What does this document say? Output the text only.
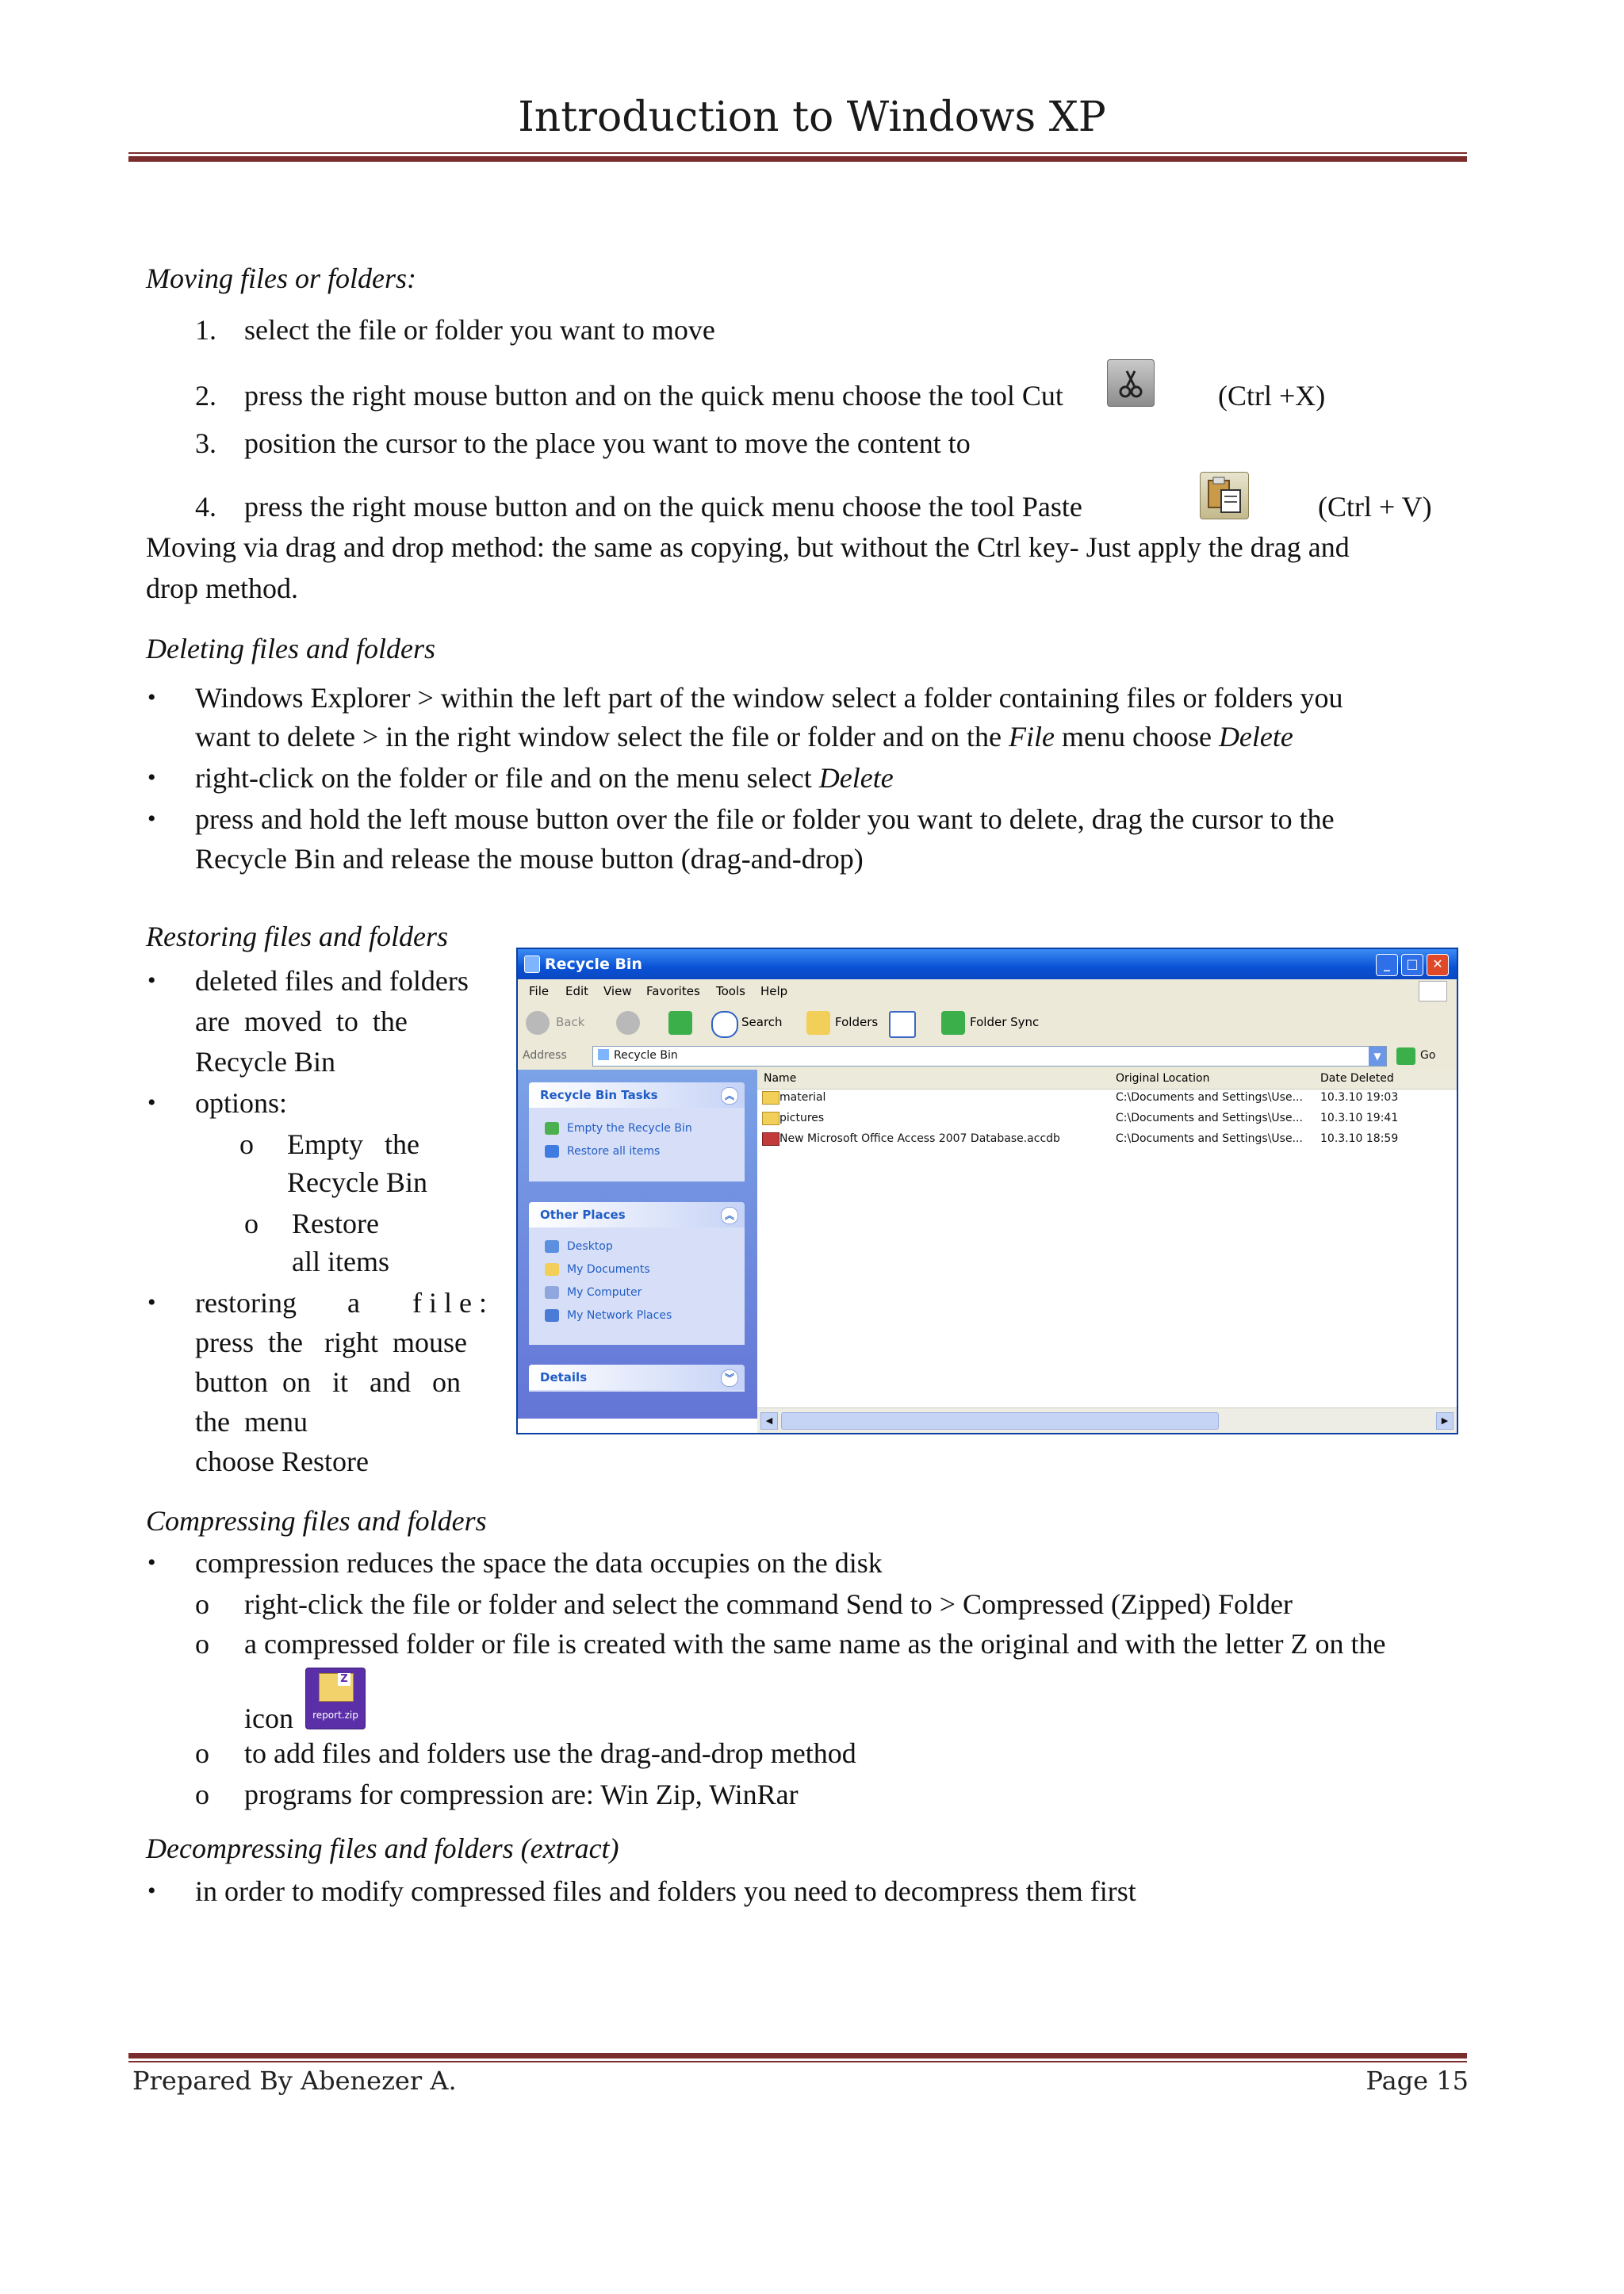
Introduction to Windows XP
Moving files or folders:
1. select the file or folder you want to move
2. press the right mouse button and on the quick menu choose the tool Cut	(Ctrl +X)
3. position the cursor to the place you want to move the content to
4. press the right mouse button and on the quick menu choose the tool Paste	(Ctrl + V)
Moving via drag and drop method: the same as copying, but without the Ctrl key- Just apply the drag and
drop method.
Deleting files and folders
• Windows Explorer > within the left part of the window select a folder containing files or folders you
want to delete > in the right window select the file or folder and on the File menu choose Delete
• right-click on the folder or file and on the menu select Delete
• press and hold the left mouse button over the file or folder you want to delete, drag the cursor to the
Recycle Bin and release the mouse button (drag-and-drop)
Restoring files and folders
• deleted files and folders
are  moved  to  the
Recycle Bin
• options:
o Empty   the
Recycle Bin
o Restore
all items
• restoring a f i l e :
press  the   right  mouse
button  on   it   and   on
the  menu
choose Restore
Recycle Bin	_	□	✕
File Edit View Favorites Tools Help
Back	Search	Folders	Folder Sync
Address	Recycle Bin	▼	Go
Recycle Bin Tasks	︽
Empty the Recycle Bin
Restore all items
Other Places	︽
Desktop
My Documents
My Computer
My Network Places
Details	︾
Name	Original Location	Date Deleted
material	C:\Documents and Settings\Use... 10.3.10 19:03
pictures	C:\Documents and Settings\Use... 10.3.10 19:41
New Microsoft Office Access 2007 Database.accdb	C:\Documents and Settings\Use... 10.3.10 18:59
◀	▶
Compressing files and folders
• compression reduces the space the data occupies on the disk
o right-click the file or folder and select the command Send to > Compressed (Zipped) Folder
o a compressed folder or file is created with the same name as the original and with the letter Z on the
icon
Z
report.zip
o to add files and folders use the drag-and-drop method
o programs for compression are: Win Zip, WinRar
Decompressing files and folders (extract)
• in order to modify compressed files and folders you need to decompress them first
Prepared By Abenezer A.	Page 15
